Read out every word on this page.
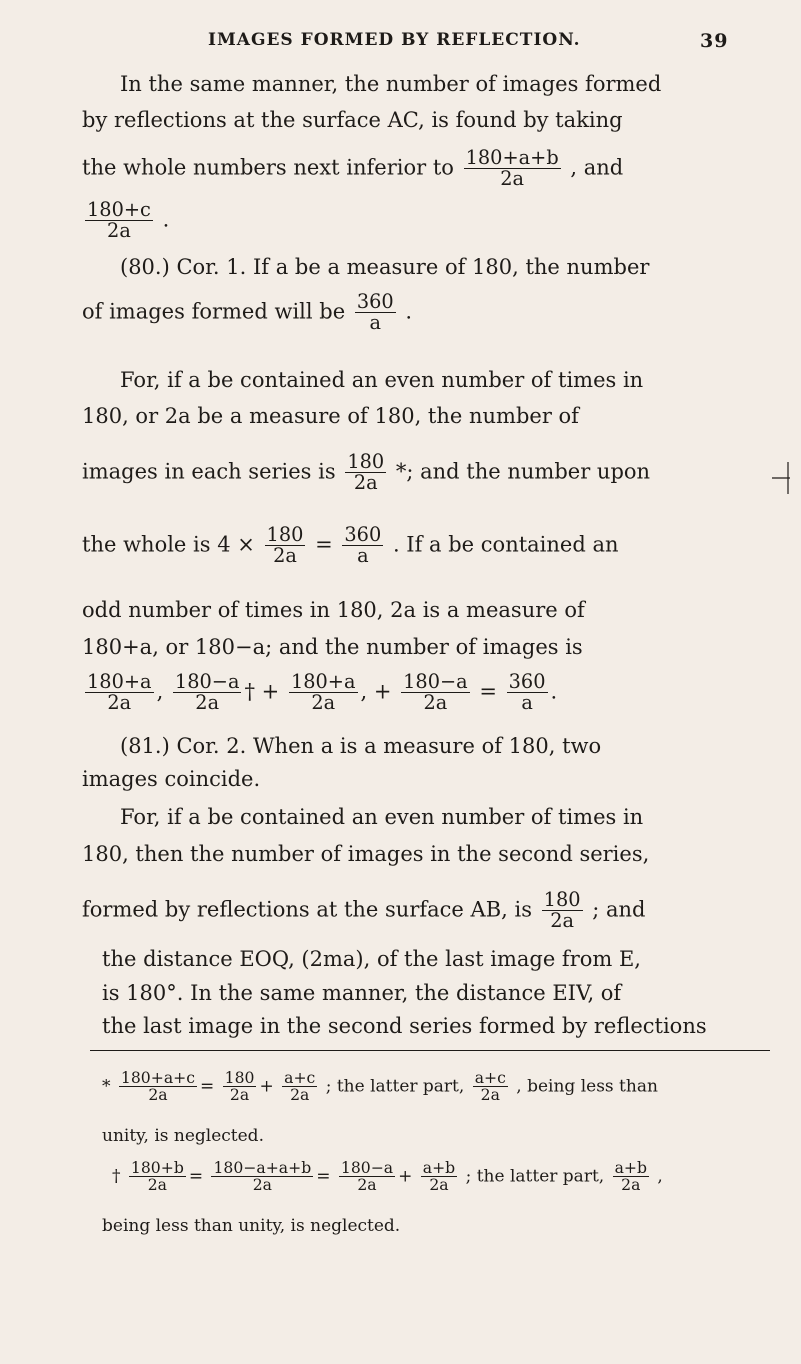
IMAGES FORMED BY REFLECTION.	39
In the same manner, the number of images formed
by reflections at the surface AC, is found by taking
the whole numbers next inferior to $\frac{180+a+b}{2a}$ , and
$\frac{180+c}{2a}$ .
(80.) Cor. 1. If a be a measure of 180, the number
of images formed will be $\frac{360}{a}$ .
For, if a be contained an even number of times in
180, or 2a be a measure of 180, the number of
images in each series is $\frac{180}{2a}$ *; and the number upon
the whole is $4 \times \frac{180}{2a} = \frac{360}{a}$ . If a be contained an
odd number of times in 180, 2a is a measure of
180+a, or 180−a; and the number of images is
$\frac{180+a}{2a}$ , $\frac{180-a}{2a}$ † + $\frac{180+a}{2a}$ , + $\frac{180-a}{2a} = \frac{360}{a}$ .
(81.) Cor. 2. When a is a measure of 180, two
images coincide.
For, if a be contained an even number of times in
180, then the number of images in the second series,
formed by reflections at the surface AB, is $\frac{180}{2a}$ ; and
the distance EOQ, (2ma), of the last image from E,
is 180°. In the same manner, the distance EIV, of
the last image in the second series formed by reflections
* $\frac{180+a+c}{2a} = \frac{180}{2a} + \frac{a+c}{2a}$ ; the latter part, $\frac{a+c}{2a}$ , being less than
unity, is neglected.
† $\frac{180+b}{2a} = \frac{180-a+a+b}{2a} = \frac{180-a}{2a} + \frac{a+b}{2a}$ ; the latter part, $\frac{a+b}{2a}$ ,
being less than unity, is neglected.
